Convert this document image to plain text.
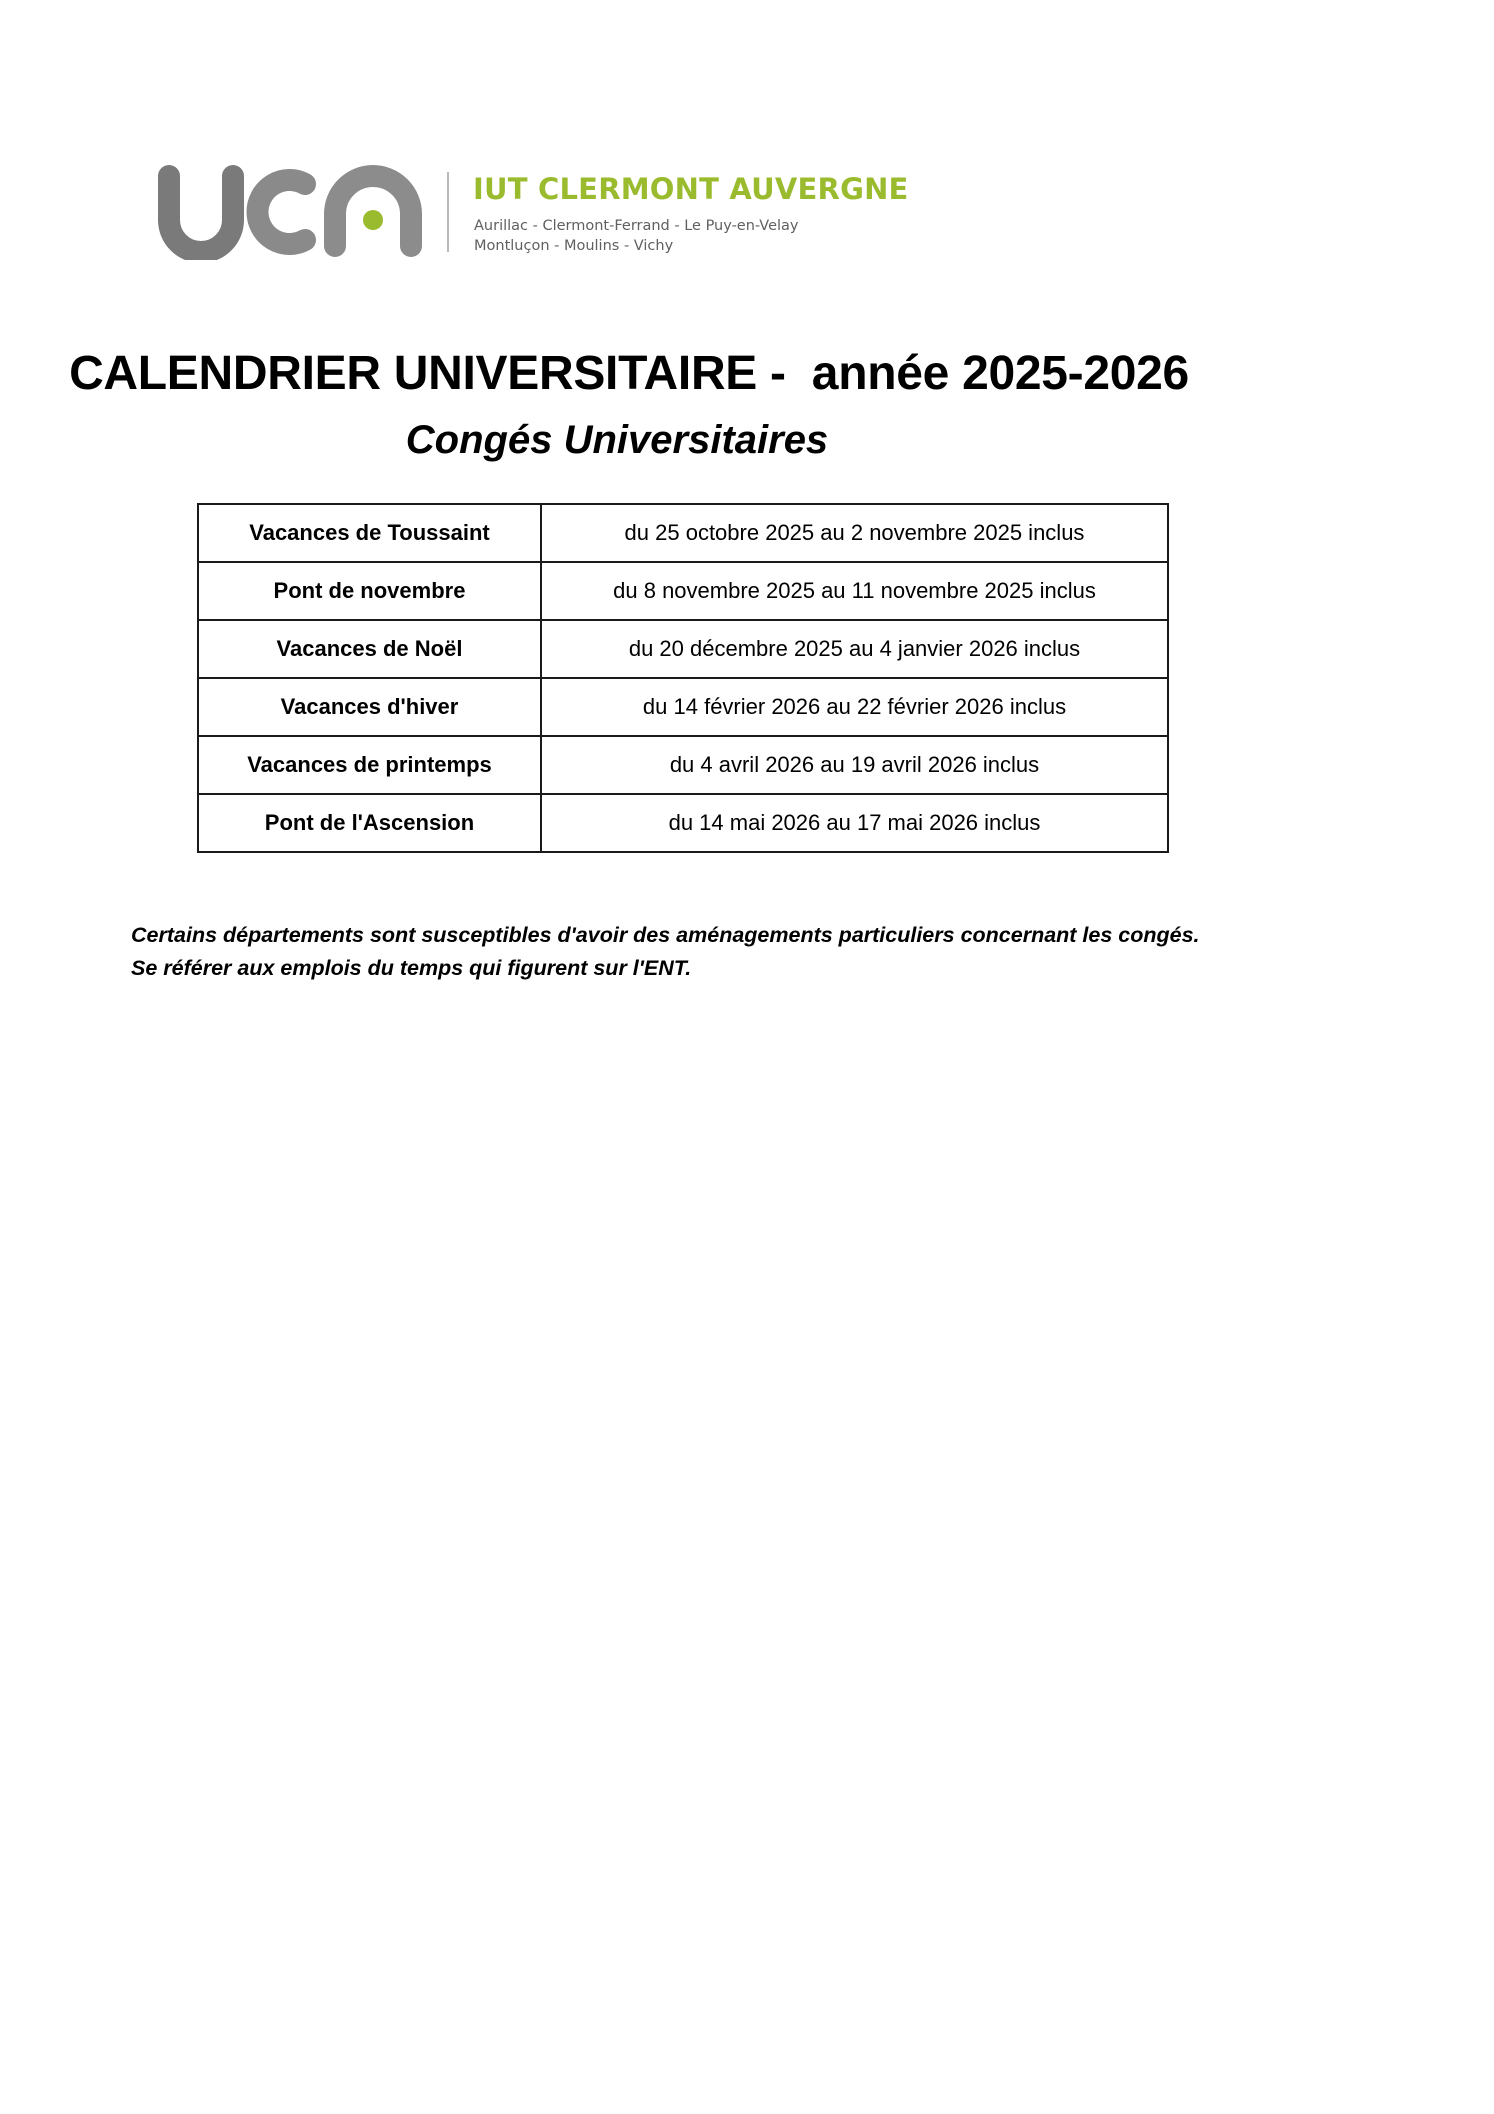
IUT CLERMONT AUVERGNE
Aurillac - Clermont-Ferrand - Le Puy-en-Velay
Montluçon - Moulins - Vichy
CALENDRIER UNIVERSITAIRE -  année 2025-2026
Congés Universitaires
Vacances de Toussaint	du 25 octobre 2025 au 2 novembre 2025 inclus
Pont de novembre	du 8 novembre 2025 au 11 novembre 2025 inclus
Vacances de Noël	du 20 décembre 2025 au 4 janvier 2026 inclus
Vacances d'hiver	du 14 février 2026 au 22 février 2026 inclus
Vacances de printemps	du 4 avril 2026 au 19 avril 2026 inclus
Pont de l'Ascension	du 14 mai 2026 au 17 mai 2026 inclus
Certains départements sont susceptibles d'avoir des aménagements particuliers concernant les congés.
Se référer aux emplois du temps qui figurent sur l'ENT.
